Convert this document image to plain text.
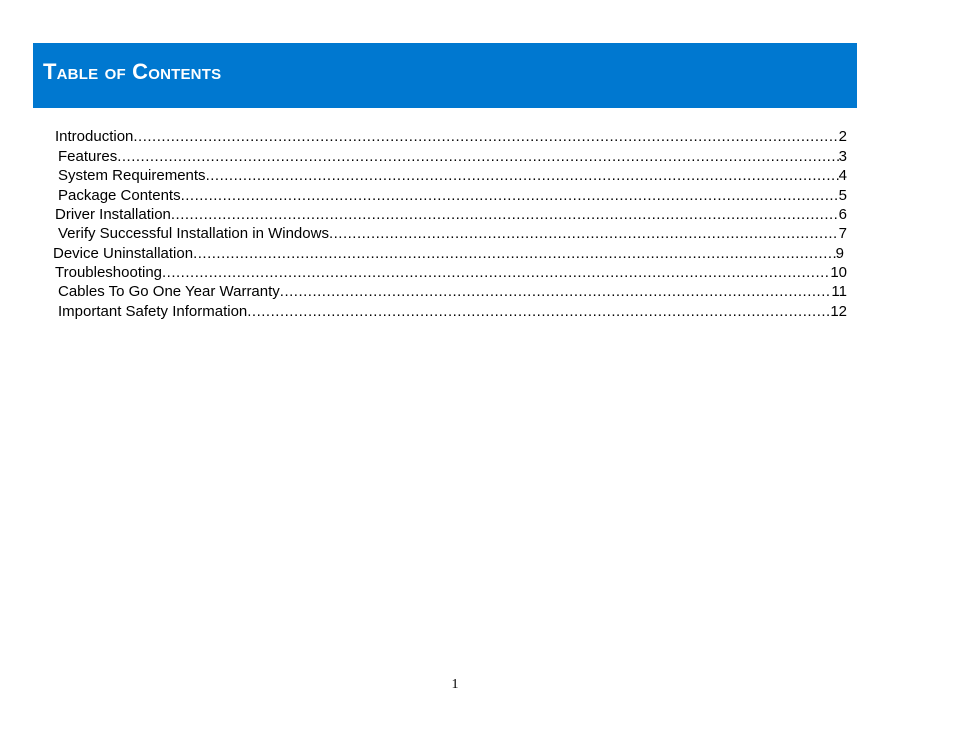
Table of Contents
Introduction .....	2
Features .....	3
System Requirements .....	4
Package Contents .....	5
Driver Installation .....	6
Verify Successful Installation in Windows .....	7
Device Uninstallation .....	9
Troubleshooting .....	10
Cables To Go One Year Warranty .....	11
Important Safety Information .....	12
1
